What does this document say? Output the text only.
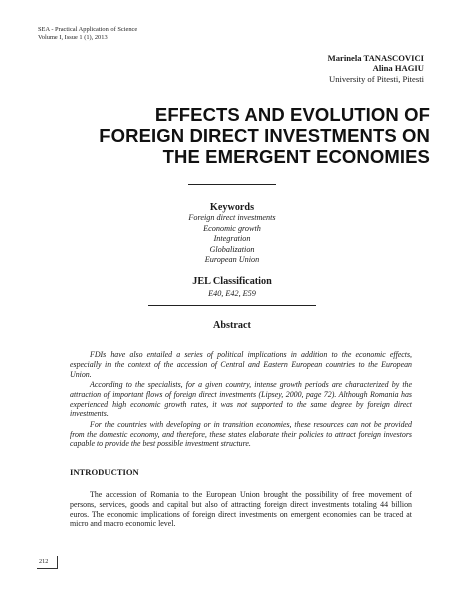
SEA - Practical Application of Science
Volume I, Issue 1 (1), 2013
Marinela TANASCOVICI
Alina HAGIU
University of Pitesti, Pitesti
EFFECTS AND EVOLUTION OF
FOREIGN DIRECT INVESTMENTS ON
THE EMERGENT ECONOMIES
Keywords
Foreign direct investments
Economic growth
Integration
Globalization
European Union
JEL Classification
E40, E42, E59
Abstract

FDIs have also entailed a series of political implications in addition to the economic effects, especially in the context of the accession of Central and Eastern European countries to the European Union.

According to the specialists, for a given country, intense growth periods are characterized by the attraction of important flows of foreign direct investments (Lipsey, 2000, page 72). Although Romania has experienced high economic growth rates, it was not supported to the same degree by foreign direct investments.

For the countries with developing or in transition economies, these resources can not be provided from the domestic economy, and therefore, these states elaborate their policies to attract foreign investors capable to provide the best possible investment structure.

INTRODUCTION

The accession of Romania to the European Union brought the possibility of free movement of persons, services, goods and capital but also of attracting foreign direct investments totaling 44 billion euros. The economic implications of foreign direct investments on emergent economies can be traced at micro and macro economic level.

212
